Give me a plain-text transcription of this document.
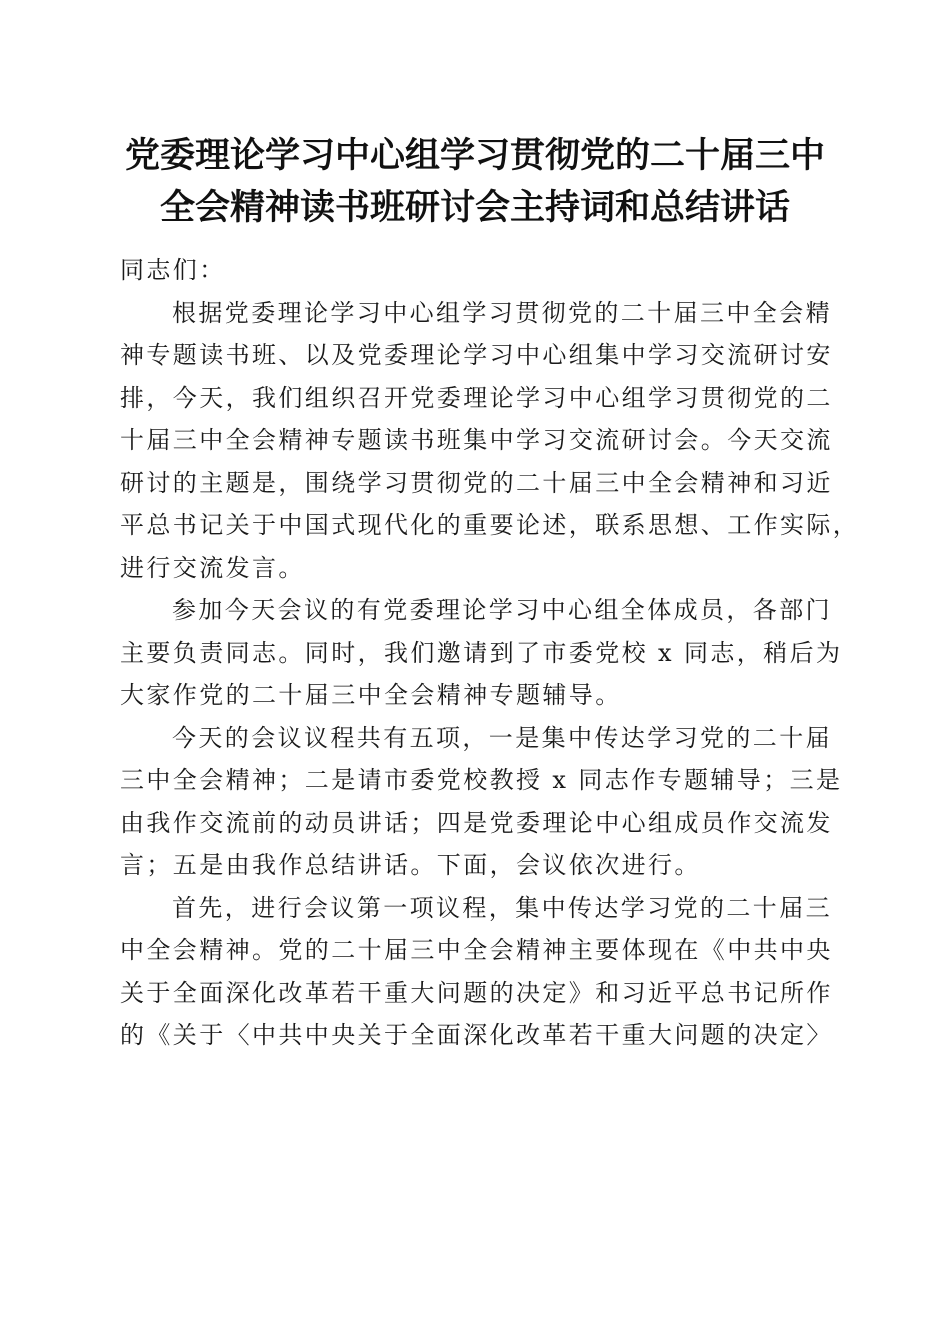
党委理论学习中心组学习贯彻党的二十届三中
全会精神读书班研讨会主持词和总结讲话
同志们：
根据党委理论学习中心组学习贯彻党的二十届三中全会精
神专题读书班、以及党委理论学习中心组集中学习交流研讨安
排，今天，我们组织召开党委理论学习中心组学习贯彻党的二
十届三中全会精神专题读书班集中学习交流研讨会。今天交流
研讨的主题是，围绕学习贯彻党的二十届三中全会精神和习近
平总书记关于中国式现代化的重要论述，联系思想、工作实际，
进行交流发言。
参加今天会议的有党委理论学习中心组全体成员，各部门
主要负责同志。同时，我们邀请到了市委党校 x 同志，稍后为
大家作党的二十届三中全会精神专题辅导。
今天的会议议程共有五项，一是集中传达学习党的二十届
三中全会精神；二是请市委党校教授 x 同志作专题辅导；三是
由我作交流前的动员讲话；四是党委理论中心组成员作交流发
言；五是由我作总结讲话。下面，会议依次进行。
首先，进行会议第一项议程，集中传达学习党的二十届三
中全会精神。党的二十届三中全会精神主要体现在《中共中央
关于全面深化改革若干重大问题的决定》和习近平总书记所作
的《关于〈中共中央关于全面深化改革若干重大问题的决定〉
